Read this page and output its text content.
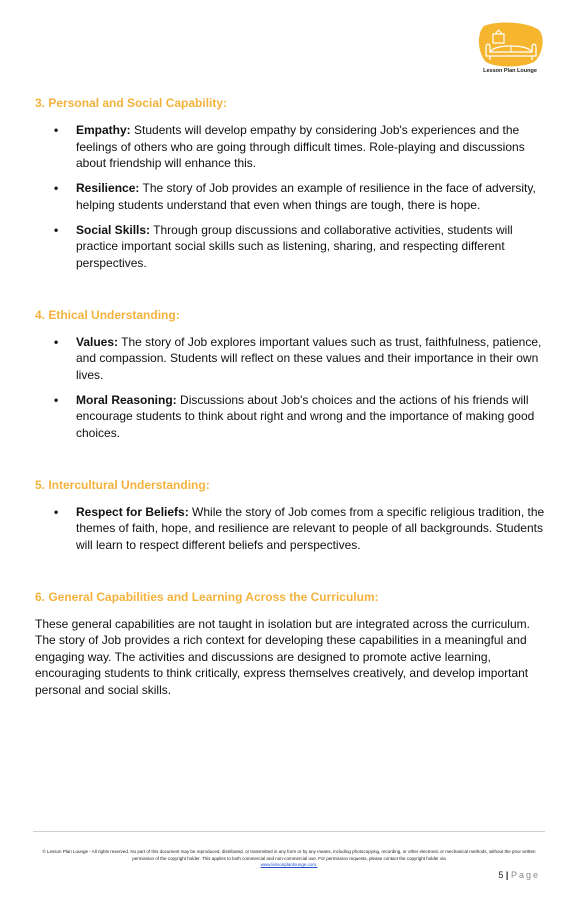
Lesson Plan Lounge
3. Personal and Social Capability:
• Empathy: Students will develop empathy by considering Job's experiences and the feelings of others who are going through difficult times. Role-playing and discussions about friendship will enhance this.
• Resilience: The story of Job provides an example of resilience in the face of adversity, helping students understand that even when things are tough, there is hope.
• Social Skills: Through group discussions and collaborative activities, students will practice important social skills such as listening, sharing, and respecting different perspectives.
4. Ethical Understanding:
• Values: The story of Job explores important values such as trust, faithfulness, patience, and compassion. Students will reflect on these values and their importance in their own lives.
• Moral Reasoning: Discussions about Job's choices and the actions of his friends will encourage students to think about right and wrong and the importance of making good choices.
5. Intercultural Understanding:
• Respect for Beliefs: While the story of Job comes from a specific religious tradition, the themes of faith, hope, and resilience are relevant to people of all backgrounds. Students will learn to respect different beliefs and perspectives.
6. General Capabilities and Learning Across the Curriculum:

These general capabilities are not taught in isolation but are integrated across the curriculum. The story of Job provides a rich context for developing these capabilities in a meaningful and engaging way. The activities and discussions are designed to promote active learning, encouraging students to think critically, express themselves creatively, and develop important personal and social skills.

© Lesson Plan Lounge - All rights reserved. No part of this document may be reproduced, distributed, or transmitted in any form or by any means, including photocopying, recording, or other electronic or mechanical methods, without the prior written permission of the copyright holder. This applies to both commercial and non-commercial use. For permission requests, please contact the copyright holder via
www.lessonplanlounge.com.
5 | Page
